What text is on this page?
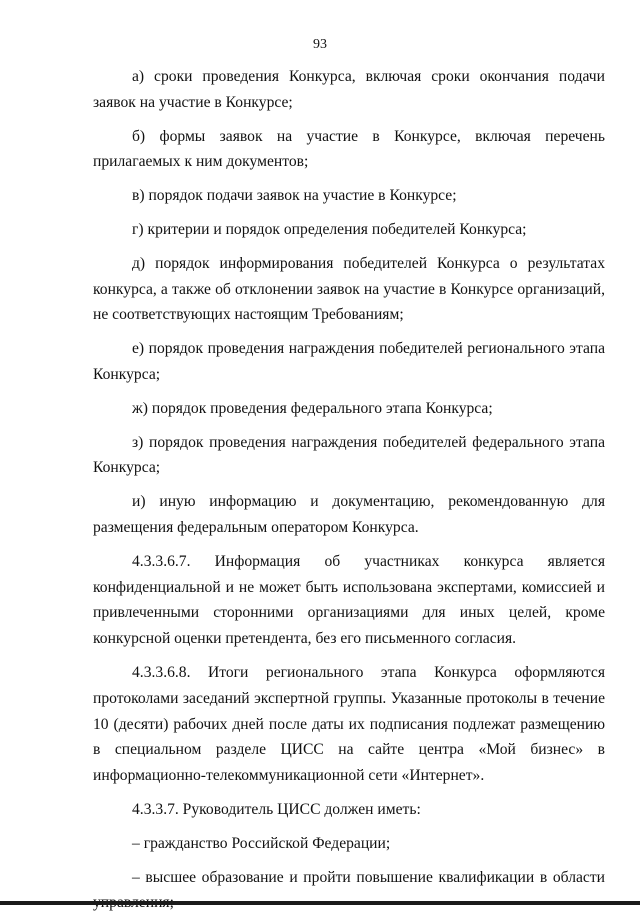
93

а) сроки проведения Конкурса, включая сроки окончания подачи заявок на участие в Конкурсе;

б) формы заявок на участие в Конкурсе, включая перечень прилагаемых к ним документов;

в) порядок подачи заявок на участие в Конкурсе;

г) критерии и порядок определения победителей Конкурса;

д) порядок информирования победителей Конкурса о результатах конкурса, а также об отклонении заявок на участие в Конкурсе организаций, не соответствующих настоящим Требованиям;

е) порядок проведения награждения победителей регионального этапа Конкурса;

ж) порядок проведения федерального этапа Конкурса;

з) порядок проведения награждения победителей федерального этапа Конкурса;

и) иную информацию и документацию, рекомендованную для размещения федеральным оператором Конкурса.

4.3.3.6.7. Информация об участниках конкурса является конфиденциальной и не может быть использована экспертами, комиссией и привлеченными сторонними организациями для иных целей, кроме конкурсной оценки претендента, без его письменного согласия.

4.3.3.6.8. Итоги регионального этапа Конкурса оформляются протоколами заседаний экспертной группы. Указанные протоколы в течение 10 (десяти) рабочих дней после даты их подписания подлежат размещению в специальном разделе ЦИСС на сайте центра «Мой бизнес» в информационно-телекоммуникационной сети «Интернет».

4.3.3.7. Руководитель ЦИСС должен иметь:

– гражданство Российской Федерации;

– высшее образование и пройти повышение квалификации в области
